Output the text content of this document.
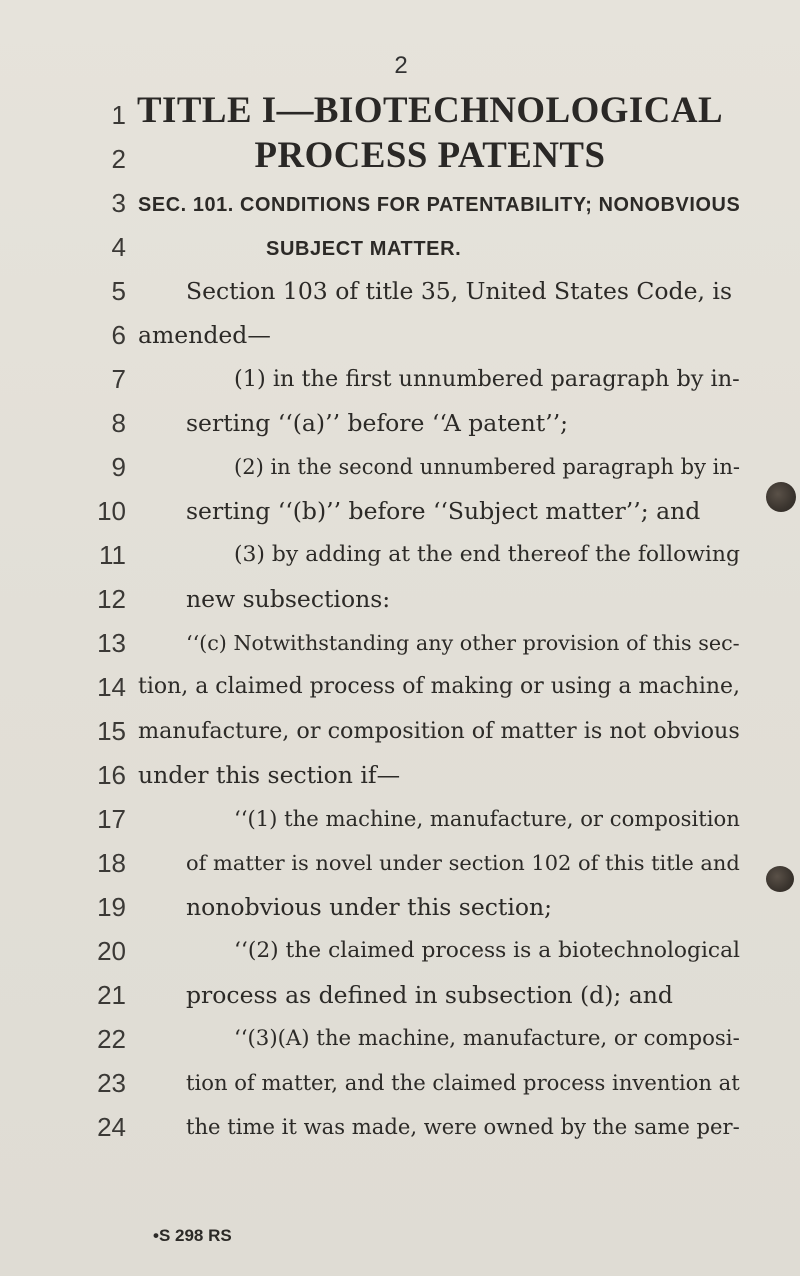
2
TITLE I—BIOTECHNOLOGICAL
PROCESS PATENTS
1
2
3
4
5
6
7
8
9
10
11
12
13
14
15
16
17
18
19
20
21
22
23
24
SEC. 101. CONDITIONS FOR PATENTABILITY; NONOBVIOUS
SUBJECT MATTER.
Section 103 of title 35, United States Code, is
amended—
(1) in the first unnumbered paragraph by in-
serting ‘‘(a)’’ before ‘‘A patent’’;
(2) in the second unnumbered paragraph by in-
serting ‘‘(b)’’ before ‘‘Subject matter’’; and
(3) by adding at the end thereof the following
new subsections:
‘‘(c) Notwithstanding any other provision of this sec-
tion, a claimed process of making or using a machine,
manufacture, or composition of matter is not obvious
under this section if—
‘‘(1) the machine, manufacture, or composition
of matter is novel under section 102 of this title and
nonobvious under this section;
‘‘(2) the claimed process is a biotechnological
process as defined in subsection (d); and
‘‘(3)(A) the machine, manufacture, or composi-
tion of matter, and the claimed process invention at
the time it was made, were owned by the same per-
•S 298 RS
